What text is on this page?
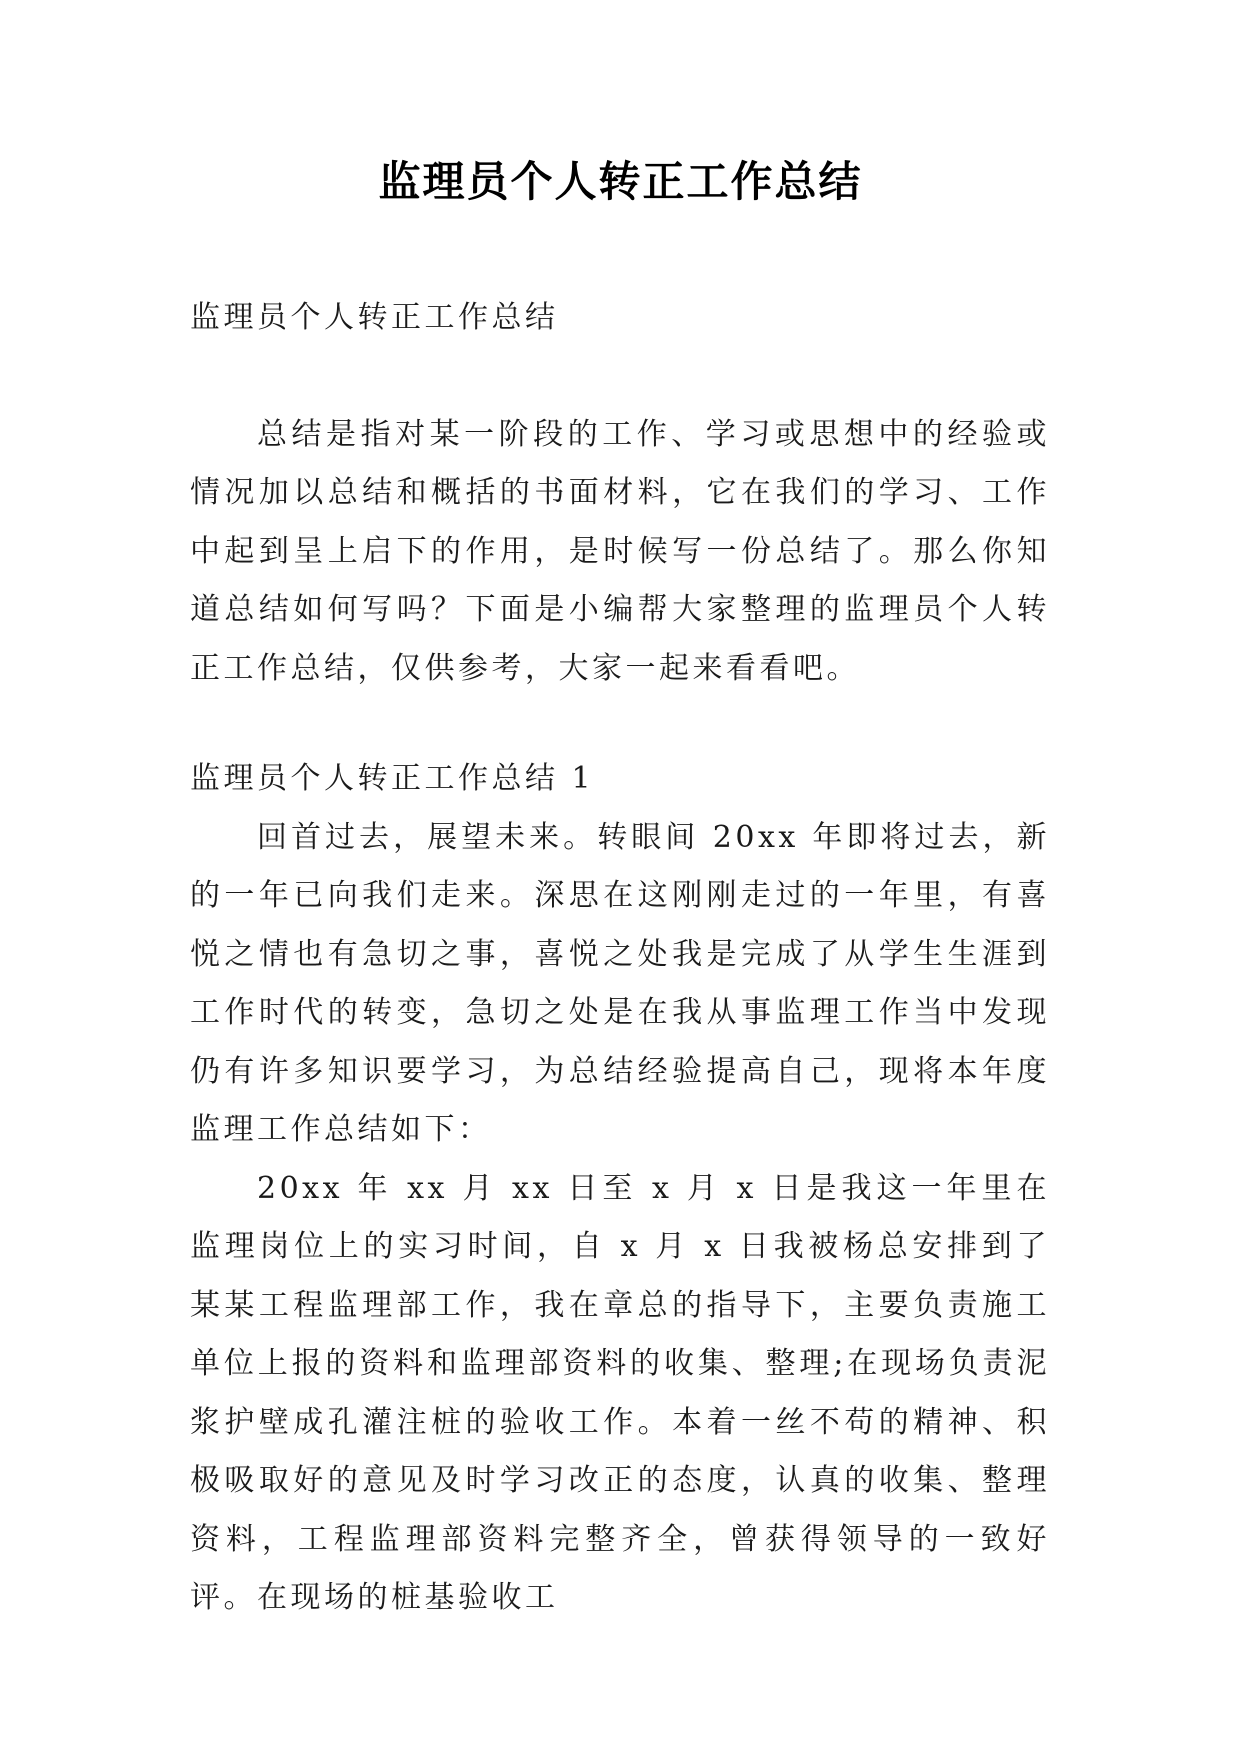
监理员个人转正工作总结

监理员个人转正工作总结

总结是指对某一阶段的工作、学习或思想中的经验或情况加以总结和概括的书面材料，它在我们的学习、工作中起到呈上启下的作用，是时候写一份总结了。那么你知道总结如何写吗？下面是小编帮大家整理的监理员个人转正工作总结，仅供参考，大家一起来看看吧。

监理员个人转正工作总结 1

回首过去，展望未来。转眼间 20xx 年即将过去，新的一年已向我们走来。深思在这刚刚走过的一年里，有喜悦之情也有急切之事，喜悦之处我是完成了从学生生涯到工作时代的转变，急切之处是在我从事监理工作当中发现仍有许多知识要学习，为总结经验提高自己，现将本年度监理工作总结如下：

20xx 年 xx 月 xx 日至 x 月 x 日是我这一年里在监理岗位上的实习时间，自 x 月 x 日我被杨总安排到了某某工程监理部工作，我在章总的指导下，主要负责施工单位上报的资料和监理部资料的收集、整理;在现场负责泥浆护壁成孔灌注桩的验收工作。本着一丝不苟的精神、积极吸取好的意见及时学习改正的态度，认真的收集、整理资料，工程监理部资料完整齐全，曾获得领导的一致好评。在现场的桩基验收工
